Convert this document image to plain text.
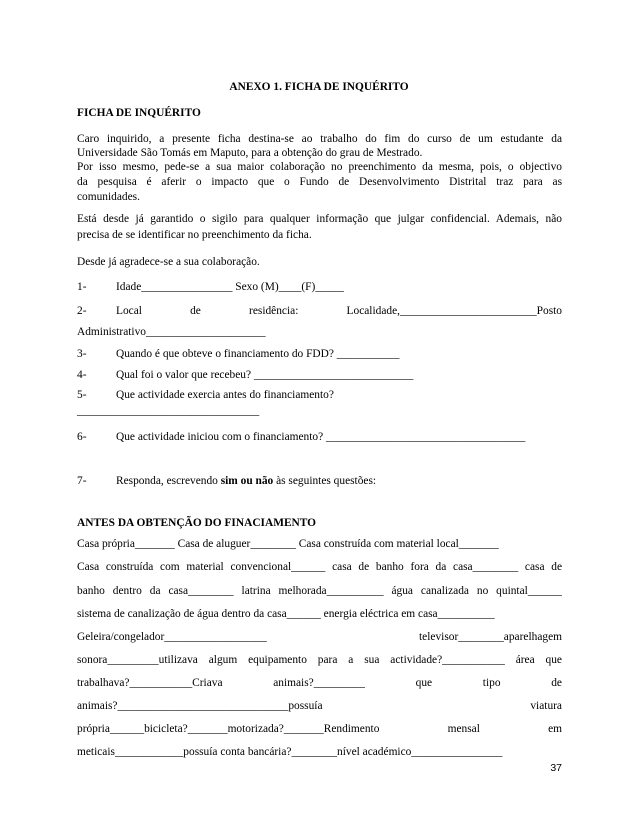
ANEXO 1. FICHA DE INQUÉRITO
FICHA DE INQUÉRITO
Caro inquirido, a presente ficha destina-se ao trabalho do fim do curso de um estudante da
Universidade São Tomás em Maputo, para a obtenção do grau de Mestrado.
Por isso mesmo, pede-se a sua maior colaboração no preenchimento da mesma, pois, o objectivo
da pesquisa é aferir o impacto que o Fundo de Desenvolvimento Distrital traz para as
comunidades.
Está desde já garantido o sigilo para qualquer informação que julgar confidencial. Ademais, não
precisa de se identificar no preenchimento da ficha.
Desde já agradece-se a sua colaboração.
1-	Idade________________ Sexo (M)____(F)_____
2-	Local de residência: Localidade,________________________Posto
Administrativo_____________________
3-	Quando é que obteve o financiamento do FDD? ___________
4-	Qual foi o valor que recebeu? ____________________________
5-	Que actividade exercia antes do financiamento?
________________________________
6-	Que actividade iniciou com o financiamento? ___________________________________
7-	Responda, escrevendo sim ou não às seguintes questões:
ANTES DA OBTENÇÃO DO FINACIAMENTO
Casa própria_______ Casa de aluguer________ Casa construída com material local_______
Casa construída com material convencional______ casa de banho fora da casa________ casa de
banho dentro da casa________ latrina melhorada__________ água canalizada no quintal______
sistema de canalização de água dentro da casa______ energia eléctrica em casa__________
Geleira/congelador__________________ televisor________aparelhagem
sonora_________utilizava algum equipamento para a sua actividade?___________ área que
trabalhava?___________Criava animais?_________ que tipo de
animais?______________________________possuía viatura
própria______bicicleta?_______motorizada?_______Rendimento mensal em
meticais____________possuía conta bancária?________nível académico________________
37
